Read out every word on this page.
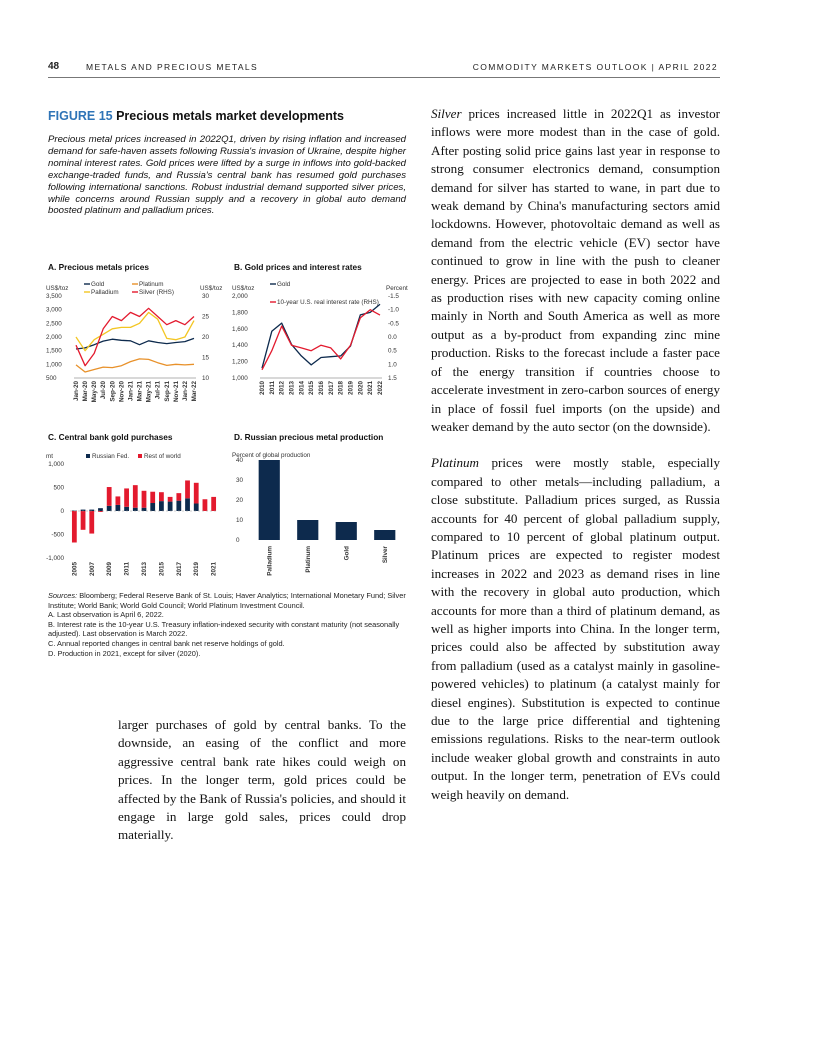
48	METALS AND PRECIOUS METALS	COMMODITY MARKETS OUTLOOK | APRIL 2022
FIGURE 15 Precious metals market developments
Precious metal prices increased in 2022Q1, driven by rising inflation and increased demand for safe-haven assets following Russia's invasion of Ukraine, despite higher nominal interest rates. Gold prices were lifted by a surge in inflows into gold-backed exchange-traded funds, and Russia's central bank has resumed gold purchases following international sanctions. Robust industrial demand supported silver prices, while concerns around Russian supply and a recovery in global auto demand boosted platinum and palladium prices.
A. Precious metals prices	B. Gold prices and interest rates
C. Central bank gold purchases	D. Russian precious metal production
US$/toz	US$/toz
3,500
3,000
2,500
2,000
1,500
1,000
500
30
25
20
15
10
Jan-20 Mar-20 May-20 Jul-20 Sep-20 Nov-20 Jan-21 Mar-21 May-21 Jul-21 Sep-21 Nov-21 Jan-22 Mar-22
Gold	Platinum
Palladium	Silver (RHS)
US$/toz	Percent
2,000
1,800
1,600
1,400
1,200
1,000
-1.5
-1.0
-0.5
0.0
0.5
1.0
1.5
2010 2011 2012 2013 2014 2015 2016 2017 2018 2019 2020 2021 2022
Gold
10-year U.S. real interest rate (RHS)
mt
1,000
500
0
-500
-1,000
Russian Fed. Rest of world
2005 2007 2009 2011 2013 2015 2017 2019 2021
Percent of global production
40
30
20
10
0
Palladium	Platinum	Gold	Silver
Sources: Bloomberg; Federal Reserve Bank of St. Louis; Haver Analytics; International Monetary Fund; Silver Institute; World Bank; World Gold Council; World Platinum Investment Council.
A. Last observation is April 6, 2022.
B. Interest rate is the 10-year U.S. Treasury inflation-indexed security with constant maturity (not seasonally adjusted). Last observation is March 2022.
C. Annual reported changes in central bank net reserve holdings of gold.
D. Production in 2021, except for silver (2020).
larger purchases of gold by central banks. To the downside, an easing of the conflict and more aggressive central bank rate hikes could weigh on prices. In the longer term, gold prices could be affected by the Bank of Russia's policies, and should it engage in large gold sales, prices could drop materially.

Silver prices increased little in 2022Q1 as investor inflows were more modest than in the case of gold. After posting solid price gains last year in response to strong consumer electronics demand, consumption demand for silver has started to wane, in part due to weak demand by China's manufacturing sectors amid lockdowns. However, photovoltaic demand as well as demand from the electric vehicle (EV) sector have continued to grow in line with the push to cleaner energy. Prices are projected to ease in both 2022 and as production rises with new capacity coming online mainly in North and South America as well as more output as a by-product from expanding zinc mine production. Risks to the forecast include a faster pace of the energy transition if countries choose to accelerate investment in zero-carbon sources of energy in place of fossil fuel imports (on the upside) and weaker demand by the auto sector (on the downside).

Platinum prices were mostly stable, especially compared to other metals—including palladium, a close substitute. Palladium prices surged, as Russia accounts for 40 percent of global palladium supply, compared to 10 percent of global platinum output. Platinum prices are expected to register modest increases in 2022 and 2023 as demand rises in line with the recovery in global auto production, which accounts for more than a third of platinum demand, as well as higher imports into China. In the longer term, prices could also be affected by substitution away from palladium (used as a catalyst mainly in gasoline-powered vehicles) to platinum (a catalyst mainly for diesel engines). Substitution is expected to continue due to the large price differential and tightening emissions regulations. Risks to the near-term outlook include weaker global growth and constraints in auto output. In the longer term, penetration of EVs could weigh heavily on demand.
